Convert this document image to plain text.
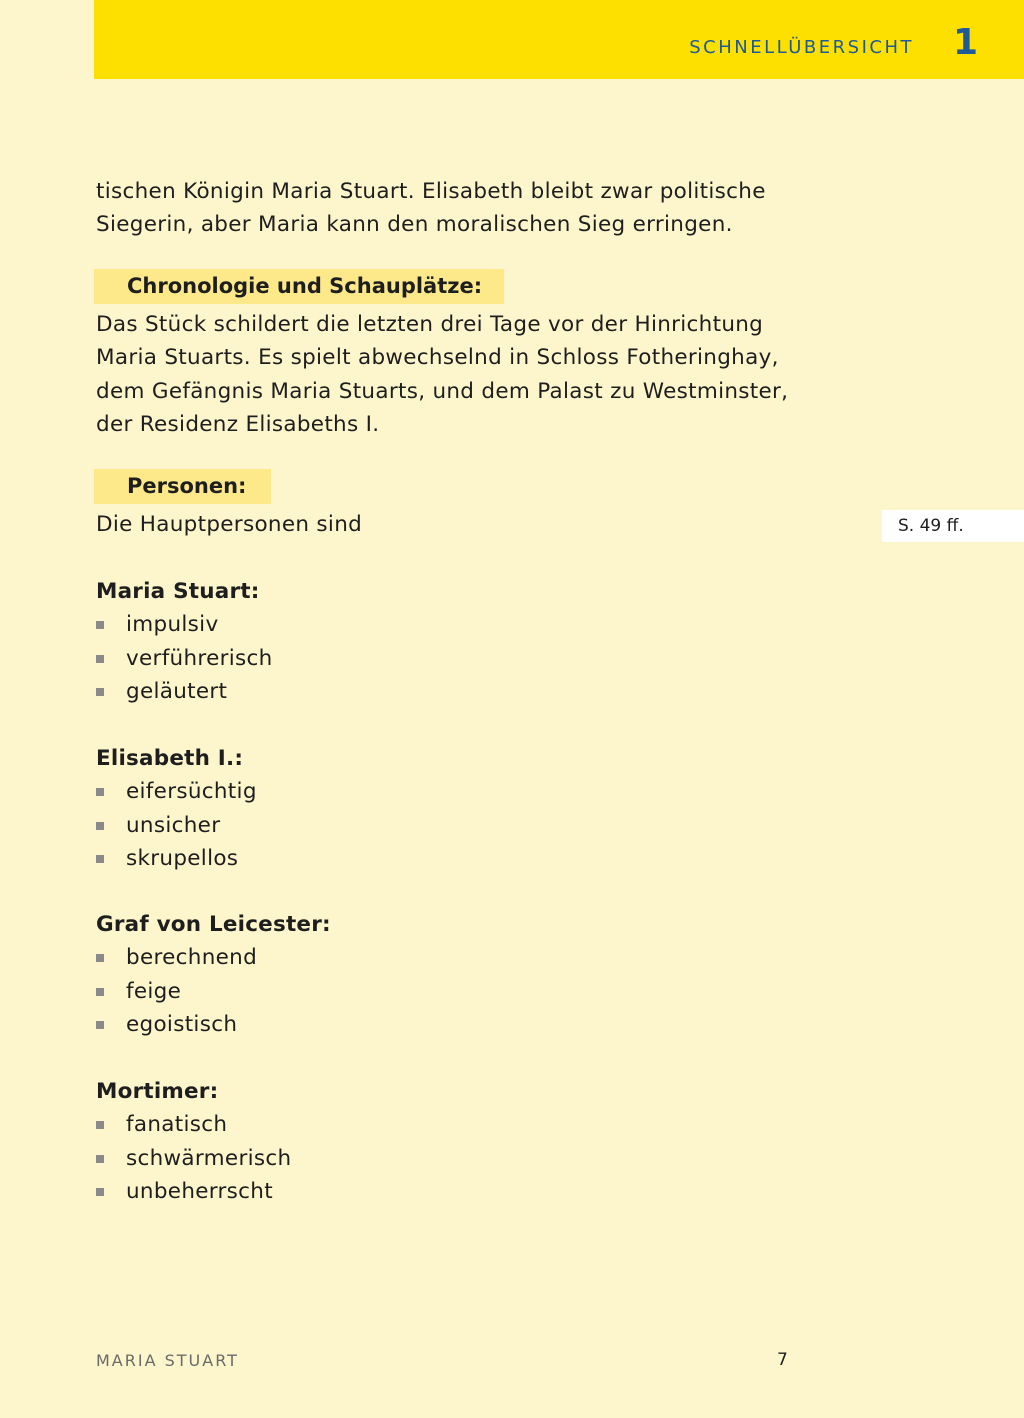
SCHNELLÜBERSICHT 1
tischen Königin Maria Stuart. Elisabeth bleibt zwar politische
Siegerin, aber Maria kann den moralischen Sieg erringen.
Chronologie und Schauplätze:
Das Stück schildert die letzten drei Tage vor der Hinrichtung
Maria Stuarts. Es spielt abwechselnd in Schloss Fotheringhay,
dem Gefängnis Maria Stuarts, und dem Palast zu Westminster,
der Residenz Elisabeths I.
Personen:
Die Hauptpersonen sind	S. 49 ff.
Maria Stuart:
impulsiv
verführerisch
geläutert
Elisabeth I.:
eifersüchtig
unsicher
skrupellos
Graf von Leicester:
berechnend
feige
egoistisch
Mortimer:
fanatisch
schwärmerisch
unbeherrscht
MARIA STUART	7
